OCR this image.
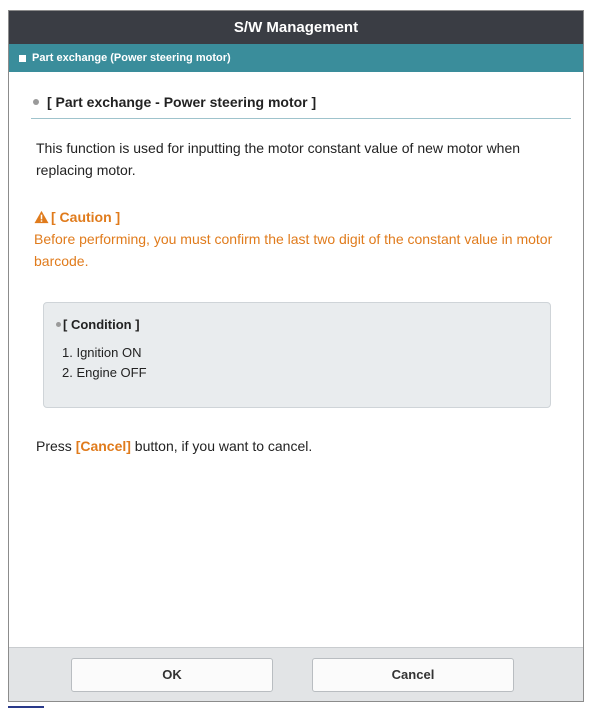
S/W Management
Part exchange (Power steering motor)
[ Part exchange - Power steering motor ]
This function is used for inputting the motor constant value of new motor when replacing motor.
[ Caution ]
Before performing, you must confirm the last two digit of the constant value in motor barcode.
[ Condition ]
1. Ignition ON
2. Engine OFF
Press [Cancel] button, if you want to cancel.
OK	Cancel
